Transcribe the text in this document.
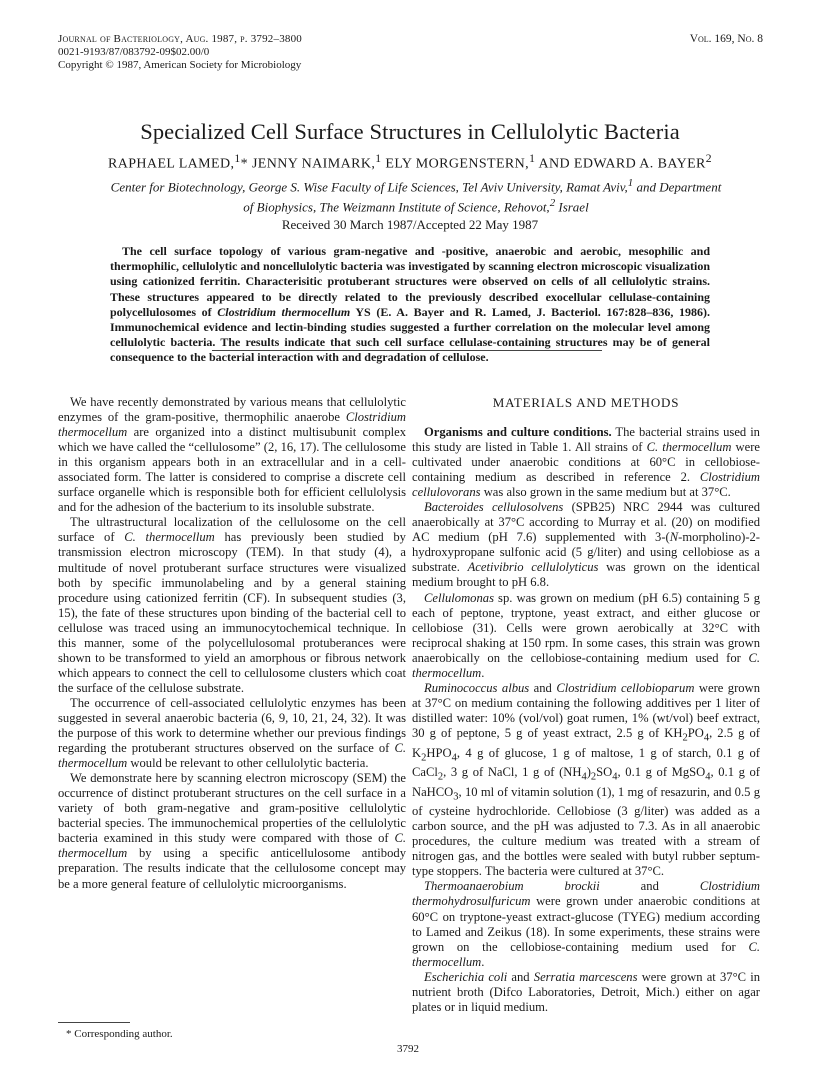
Journal of Bacteriology, Aug. 1987, p. 3792–3800
0021-9193/87/083792-09$02.00/0
Copyright © 1987, American Society for Microbiology
Vol. 169, No. 8
Specialized Cell Surface Structures in Cellulolytic Bacteria
RAPHAEL LAMED,$^1$* JENNY NAIMARK,$^1$ ELY MORGENSTERN,$^1$ AND EDWARD A. BAYER$^2$
Center for Biotechnology, George S. Wise Faculty of Life Sciences, Tel Aviv University, Ramat Aviv,$^1$ and Department of Biophysics, The Weizmann Institute of Science, Rehovot,$^2$ Israel
Received 30 March 1987/Accepted 22 May 1987

The cell surface topology of various gram-negative and -positive, anaerobic and aerobic, mesophilic and thermophilic, cellulolytic and noncellulolytic bacteria was investigated by scanning electron microscopic visualization using cationized ferritin. Characterisitic protuberant structures were observed on cells of all cellulolytic strains. These structures appeared to be directly related to the previously described exocellular cellulase-containing polycellulosomes of Clostridium thermocellum YS (E. A. Bayer and R. Lamed, J. Bacteriol. 167:828–836, 1986). Immunochemical evidence and lectin-binding studies suggested a further correlation on the molecular level among cellulolytic bacteria. The results indicate that such cell surface cellulase-containing structures may be of general consequence to the bacterial interaction with and degradation of cellulose.

We have recently demonstrated by various means that cellulolytic enzymes of the gram-positive, thermophilic anaerobe Clostridium thermocellum are organized into a distinct multisubunit complex which we have called the “cellulosome” (2, 16, 17). The cellulosome in this organism appears both in an extracellular and in a cell-associated form. The latter is considered to comprise a discrete cell surface organelle which is responsible both for efficient cellulolysis and for the adhesion of the bacterium to its insoluble substrate.

The ultrastructural localization of the cellulosome on the cell surface of C. thermocellum has previously been studied by transmission electron microscopy (TEM). In that study (4), a multitude of novel protuberant surface structures were visualized both by specific immunolabeling and by a general staining procedure using cationized ferritin (CF). In subsequent studies (3, 15), the fate of these structures upon binding of the bacterial cell to cellulose was traced using an immunocytochemical technique. In this manner, some of the polycellulosomal protuberances were shown to be transformed to yield an amorphous or fibrous network which appears to connect the cell to cellulosome clusters which coat the surface of the cellulose substrate.

The occurrence of cell-associated cellulolytic enzymes has been suggested in several anaerobic bacteria (6, 9, 10, 21, 24, 32). It was the purpose of this work to determine whether our previous findings regarding the protuberant structures observed on the surface of C. thermocellum would be relevant to other cellulolytic bacteria.

We demonstrate here by scanning electron microscopy (SEM) the occurrence of distinct protuberant structures on the cell surface in a variety of both gram-negative and gram-positive cellulolytic bacterial species. The immunochemical properties of the cellulolytic bacteria examined in this study were compared with those of C. thermocellum by using a specific anticellulosome antibody preparation. The results indicate that the cellulosome concept may be a more general feature of cellulolytic microorganisms.

MATERIALS AND METHODS

Organisms and culture conditions. The bacterial strains used in this study are listed in Table 1. All strains of C. thermocellum were cultivated under anaerobic conditions at 60°C in cellobiose-containing medium as described in reference 2. Clostridium cellulovorans was also grown in the same medium but at 37°C.

Bacteroides cellulosolvens (SPB25) NRC 2944 was cultured anaerobically at 37°C according to Murray et al. (20) on modified AC medium (pH 7.6) supplemented with 3-(N-morpholino)-2-hydroxypropane sulfonic acid (5 g/liter) and using cellobiose as a substrate. Acetivibrio cellulolyticus was grown on the identical medium brought to pH 6.8.

Cellulomonas sp. was grown on medium (pH 6.5) containing 5 g each of peptone, tryptone, yeast extract, and either glucose or cellobiose (31). Cells were grown aerobically at 32°C with reciprocal shaking at 150 rpm. In some cases, this strain was grown anaerobically on the cellobiose-containing medium used for C. thermocellum.

Ruminococcus albus and Clostridium cellobioparum were grown at 37°C on medium containing the following additives per 1 liter of distilled water: 10% (vol/vol) goat rumen, 1% (wt/vol) beef extract, 30 g of peptone, 5 g of yeast extract, 2.5 g of $KH_2PO_4$, 2.5 g of $K_2HPO_4$, 4 g of glucose, 1 g of maltose, 1 g of starch, 0.1 g of CaCl$_2$, 3 g of NaCl, 1 g of $(NH_4)_2SO_4$, 0.1 g of MgSO$_4$, 0.1 g of NaHCO$_3$, 10 ml of vitamin solution (1), 1 mg of resazurin, and 0.5 g of cysteine hydrochloride. Cellobiose (3 g/liter) was added as a carbon source, and the pH was adjusted to 7.3. As in all anaerobic procedures, the culture medium was treated with a stream of nitrogen gas, and the bottles were sealed with butyl rubber septum-type stoppers. The bacteria were cultured at 37°C.

Thermoanaerobium brockii and Clostridium thermohydrosulfuricum were grown under anaerobic conditions at 60°C on tryptone-yeast extract-glucose (TYEG) medium according to Lamed and Zeikus (18). In some experiments, these strains were grown on the cellobiose-containing medium used for C. thermocellum.

Escherichia coli and Serratia marcescens were grown at 37°C in nutrient broth (Difco Laboratories, Detroit, Mich.) either on agar plates or in liquid medium.

* Corresponding author.
3792
